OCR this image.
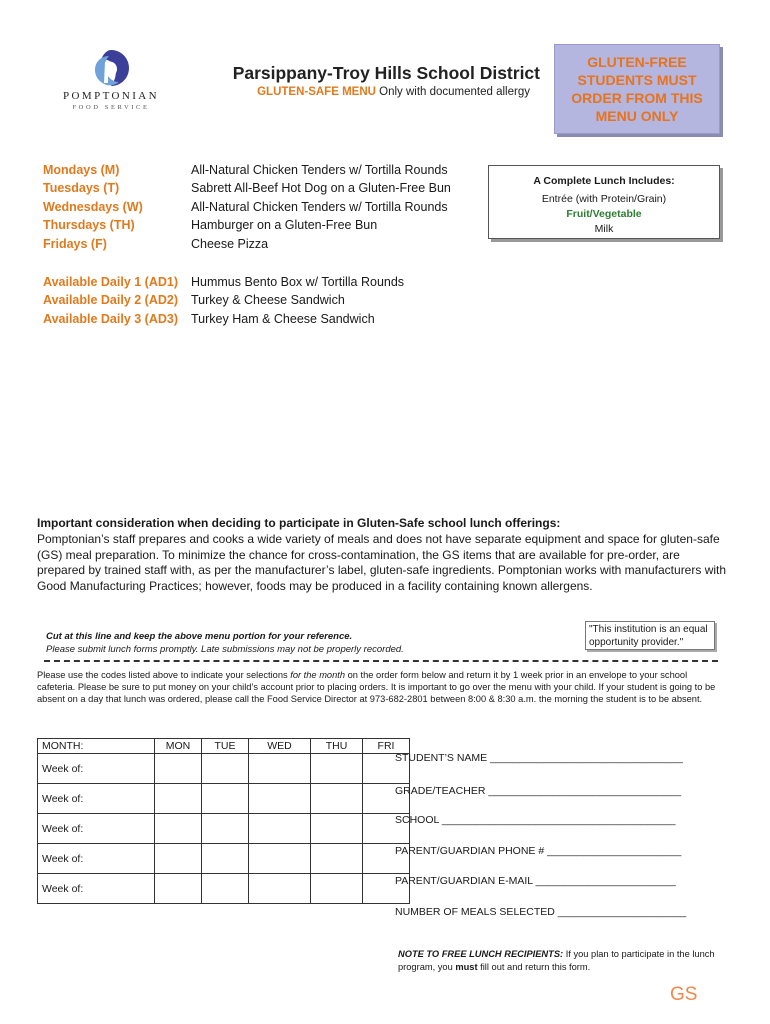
POMPTONIAN
FOOD SERVICE
Parsippany-Troy Hills School District
GLUTEN-SAFE MENU Only with documented allergy
GLUTEN-FREE
STUDENTS MUST
ORDER FROM THIS
MENU ONLY
Mondays (M)	All-Natural Chicken Tenders w/ Tortilla Rounds
Tuesdays (T)	Sabrett All-Beef Hot Dog on a Gluten-Free Bun
Wednesdays (W)	All-Natural Chicken Tenders w/ Tortilla Rounds
Thursdays (TH)	Hamburger on a Gluten-Free Bun
Fridays (F)	Cheese Pizza
Available Daily 1 (AD1) Hummus Bento Box w/ Tortilla Rounds
Available Daily 2 (AD2) Turkey & Cheese Sandwich
Available Daily 3 (AD3) Turkey Ham & Cheese Sandwich
A Complete Lunch Includes:
Entrée (with Protein/Grain)
Fruit/Vegetable
Milk
Important consideration when deciding to participate in Gluten-Safe school lunch offerings:
Pomptonian’s staff prepares and cooks a wide variety of meals and does not have separate equipment and space for gluten-safe (GS) meal preparation. To minimize the chance for cross-contamination, the GS items that are available for pre-order, are prepared by trained staff with, as per the manufacturer’s label, gluten-safe ingredients. Pomptonian works with manufacturers with Good Manufacturing Practices; however, foods may be produced in a facility containing known allergens.
Cut at this line and keep the above menu portion for your reference.
Please submit lunch forms promptly. Late submissions may not be properly recorded.
"This institution is an equal opportunity provider."
Please use the codes listed above to indicate your selections for the month on the order form below and return it by 1 week prior in an envelope to your school cafeteria. Please be sure to put money on your child’s account prior to placing orders. It is important to go over the menu with your child. If your student is going to be absent on a day that lunch was ordered, please call the Food Service Director at 973-682-2801 between 8:00 & 8:30 a.m. the morning the student is to be absent.
MONTH:	MON	TUE	WED	THU	FRI
Week of:					
Week of:					
Week of:					
Week of:					
Week of:					
STUDENT’S NAME _________________________________
GRADE/TEACHER _________________________________
SCHOOL ________________________________________
PARENT/GUARDIAN PHONE # _______________________
PARENT/GUARDIAN E-MAIL ________________________
NUMBER OF MEALS SELECTED ______________________
NOTE TO FREE LUNCH RECIPIENTS: If you plan to participate in the lunch program, you must fill out and return this form.
GS
